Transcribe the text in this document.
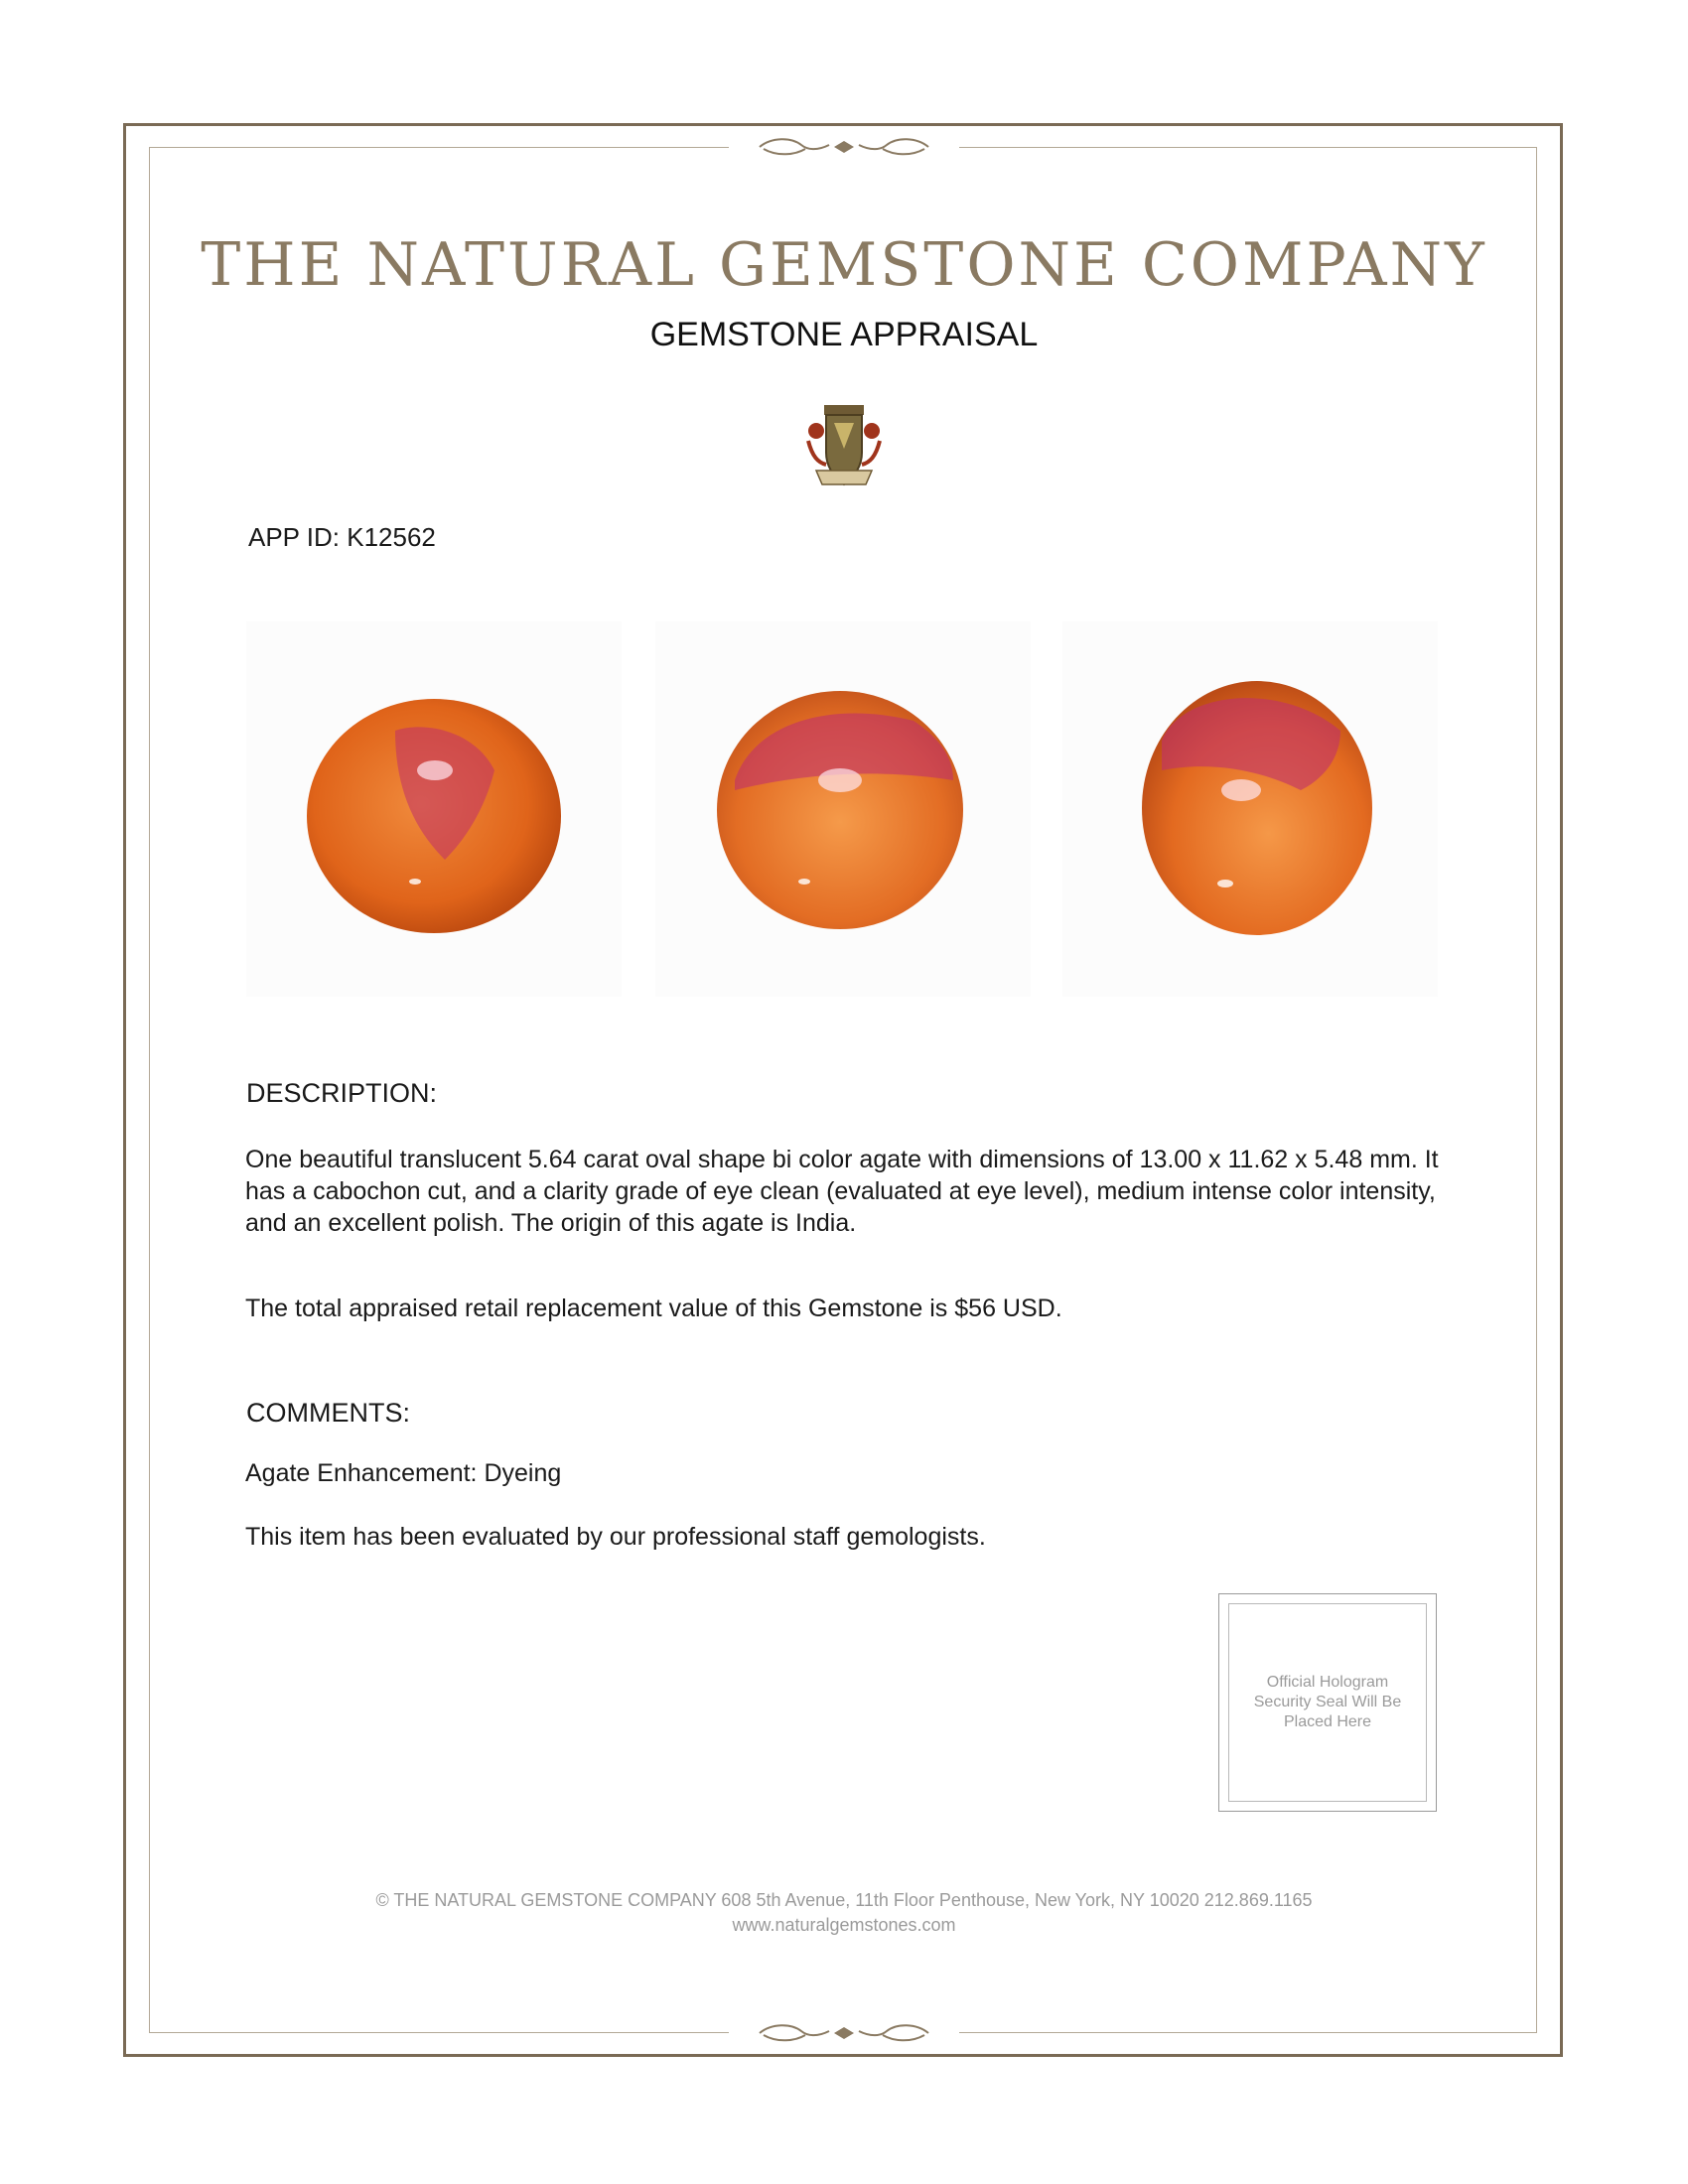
THE NATURAL GEMSTONE COMPANY
GEMSTONE APPRAISAL
APP ID: K12562
DESCRIPTION:
One beautiful translucent 5.64 carat oval shape bi color agate with dimensions of 13.00 x 11.62 x 5.48 mm. It has a cabochon cut, and a clarity grade of eye clean (evaluated at eye level), medium intense color intensity, and an excellent polish. The origin of this agate is India.
The total appraised retail replacement value of this Gemstone is $56 USD.
COMMENTS:
Agate Enhancement: Dyeing
This item has been evaluated by our professional staff gemologists.
Official Hologram Security Seal Will Be Placed Here
© THE NATURAL GEMSTONE COMPANY 608 5th Avenue, 11th Floor Penthouse, New York, NY 10020 212.869.1165
www.naturalgemstones.com
